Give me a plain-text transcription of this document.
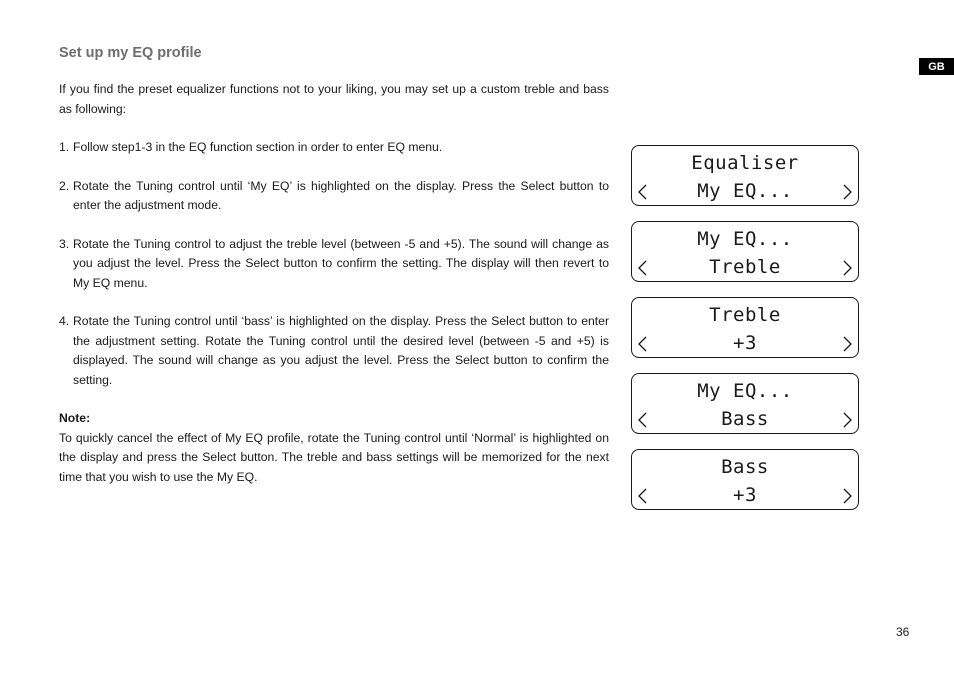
Set up my EQ profile
GB

If you find the preset equalizer functions not to your liking, you may set up a custom treble and bass as following:

1. Follow step1-3 in the EQ function section in order to enter EQ menu.
2. Rotate the Tuning control until ‘My EQ’ is highlighted on the display. Press the Select button to enter the adjustment mode.
3. Rotate the Tuning control to adjust the treble level (between -5 and +5). The sound will change as you adjust the level. Press the Select button to confirm the setting. The display will then revert to My EQ menu.
4. Rotate the Tuning control until ‘bass’ is highlighted on the display. Press the Select button to enter the adjustment setting. Rotate the Tuning control until the desired level (between -5 and +5) is displayed. The sound will change as you adjust the level. Press the Select button to confirm the setting.

Note:

To quickly cancel the effect of My EQ profile, rotate the Tuning control until ‘Normal’ is highlighted on the display and press the Select button. The treble and bass settings will be memorized for the next time that you wish to use the My EQ.

Equaliser
My EQ...
My EQ...
Treble
Treble
+3
My EQ...
Bass
Bass
+3
36
